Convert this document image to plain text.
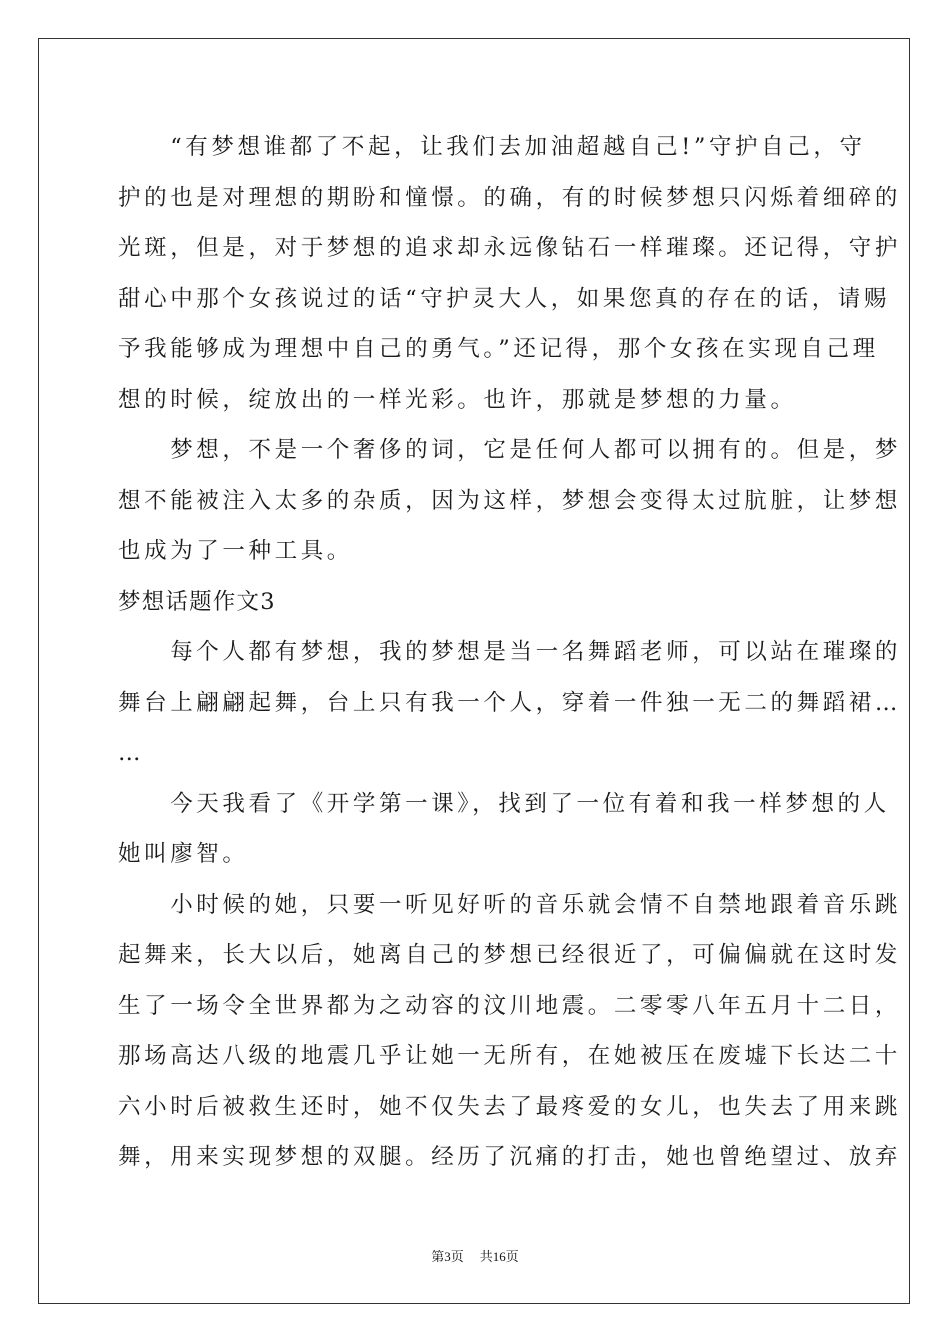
　　“有梦想谁都了不起，让我们去加油超越自己!”守护自己，守
护的也是对理想的期盼和憧憬。的确，有的时候梦想只闪烁着细碎的
光斑，但是，对于梦想的追求却永远像钻石一样璀璨。还记得，守护
甜心中那个女孩说过的话“守护灵大人，如果您真的存在的话，请赐
予我能够成为理想中自己的勇气。”还记得，那个女孩在实现自己理
想的时候，绽放出的一样光彩。也许，那就是梦想的力量。
　　梦想，不是一个奢侈的词，它是任何人都可以拥有的。但是，梦
想不能被注入太多的杂质，因为这样，梦想会变得太过肮脏，让梦想
也成为了一种工具。
梦想话题作文3
　　每个人都有梦想，我的梦想是当一名舞蹈老师，可以站在璀璨的
舞台上翩翩起舞，台上只有我一个人，穿着一件独一无二的舞蹈裙…
…
　　今天我看了《开学第一课》，找到了一位有着和我一样梦想的人
她叫廖智。
　　小时候的她，只要一听见好听的音乐就会情不自禁地跟着音乐跳
起舞来，长大以后，她离自己的梦想已经很近了，可偏偏就在这时发
生了一场令全世界都为之动容的汶川地震。二零零八年五月十二日，
那场高达八级的地震几乎让她一无所有，在她被压在废墟下长达二十
六小时后被救生还时，她不仅失去了最疼爱的女儿，也失去了用来跳
舞，用来实现梦想的双腿。经历了沉痛的打击，她也曾绝望过、放弃
第3页 共16页
